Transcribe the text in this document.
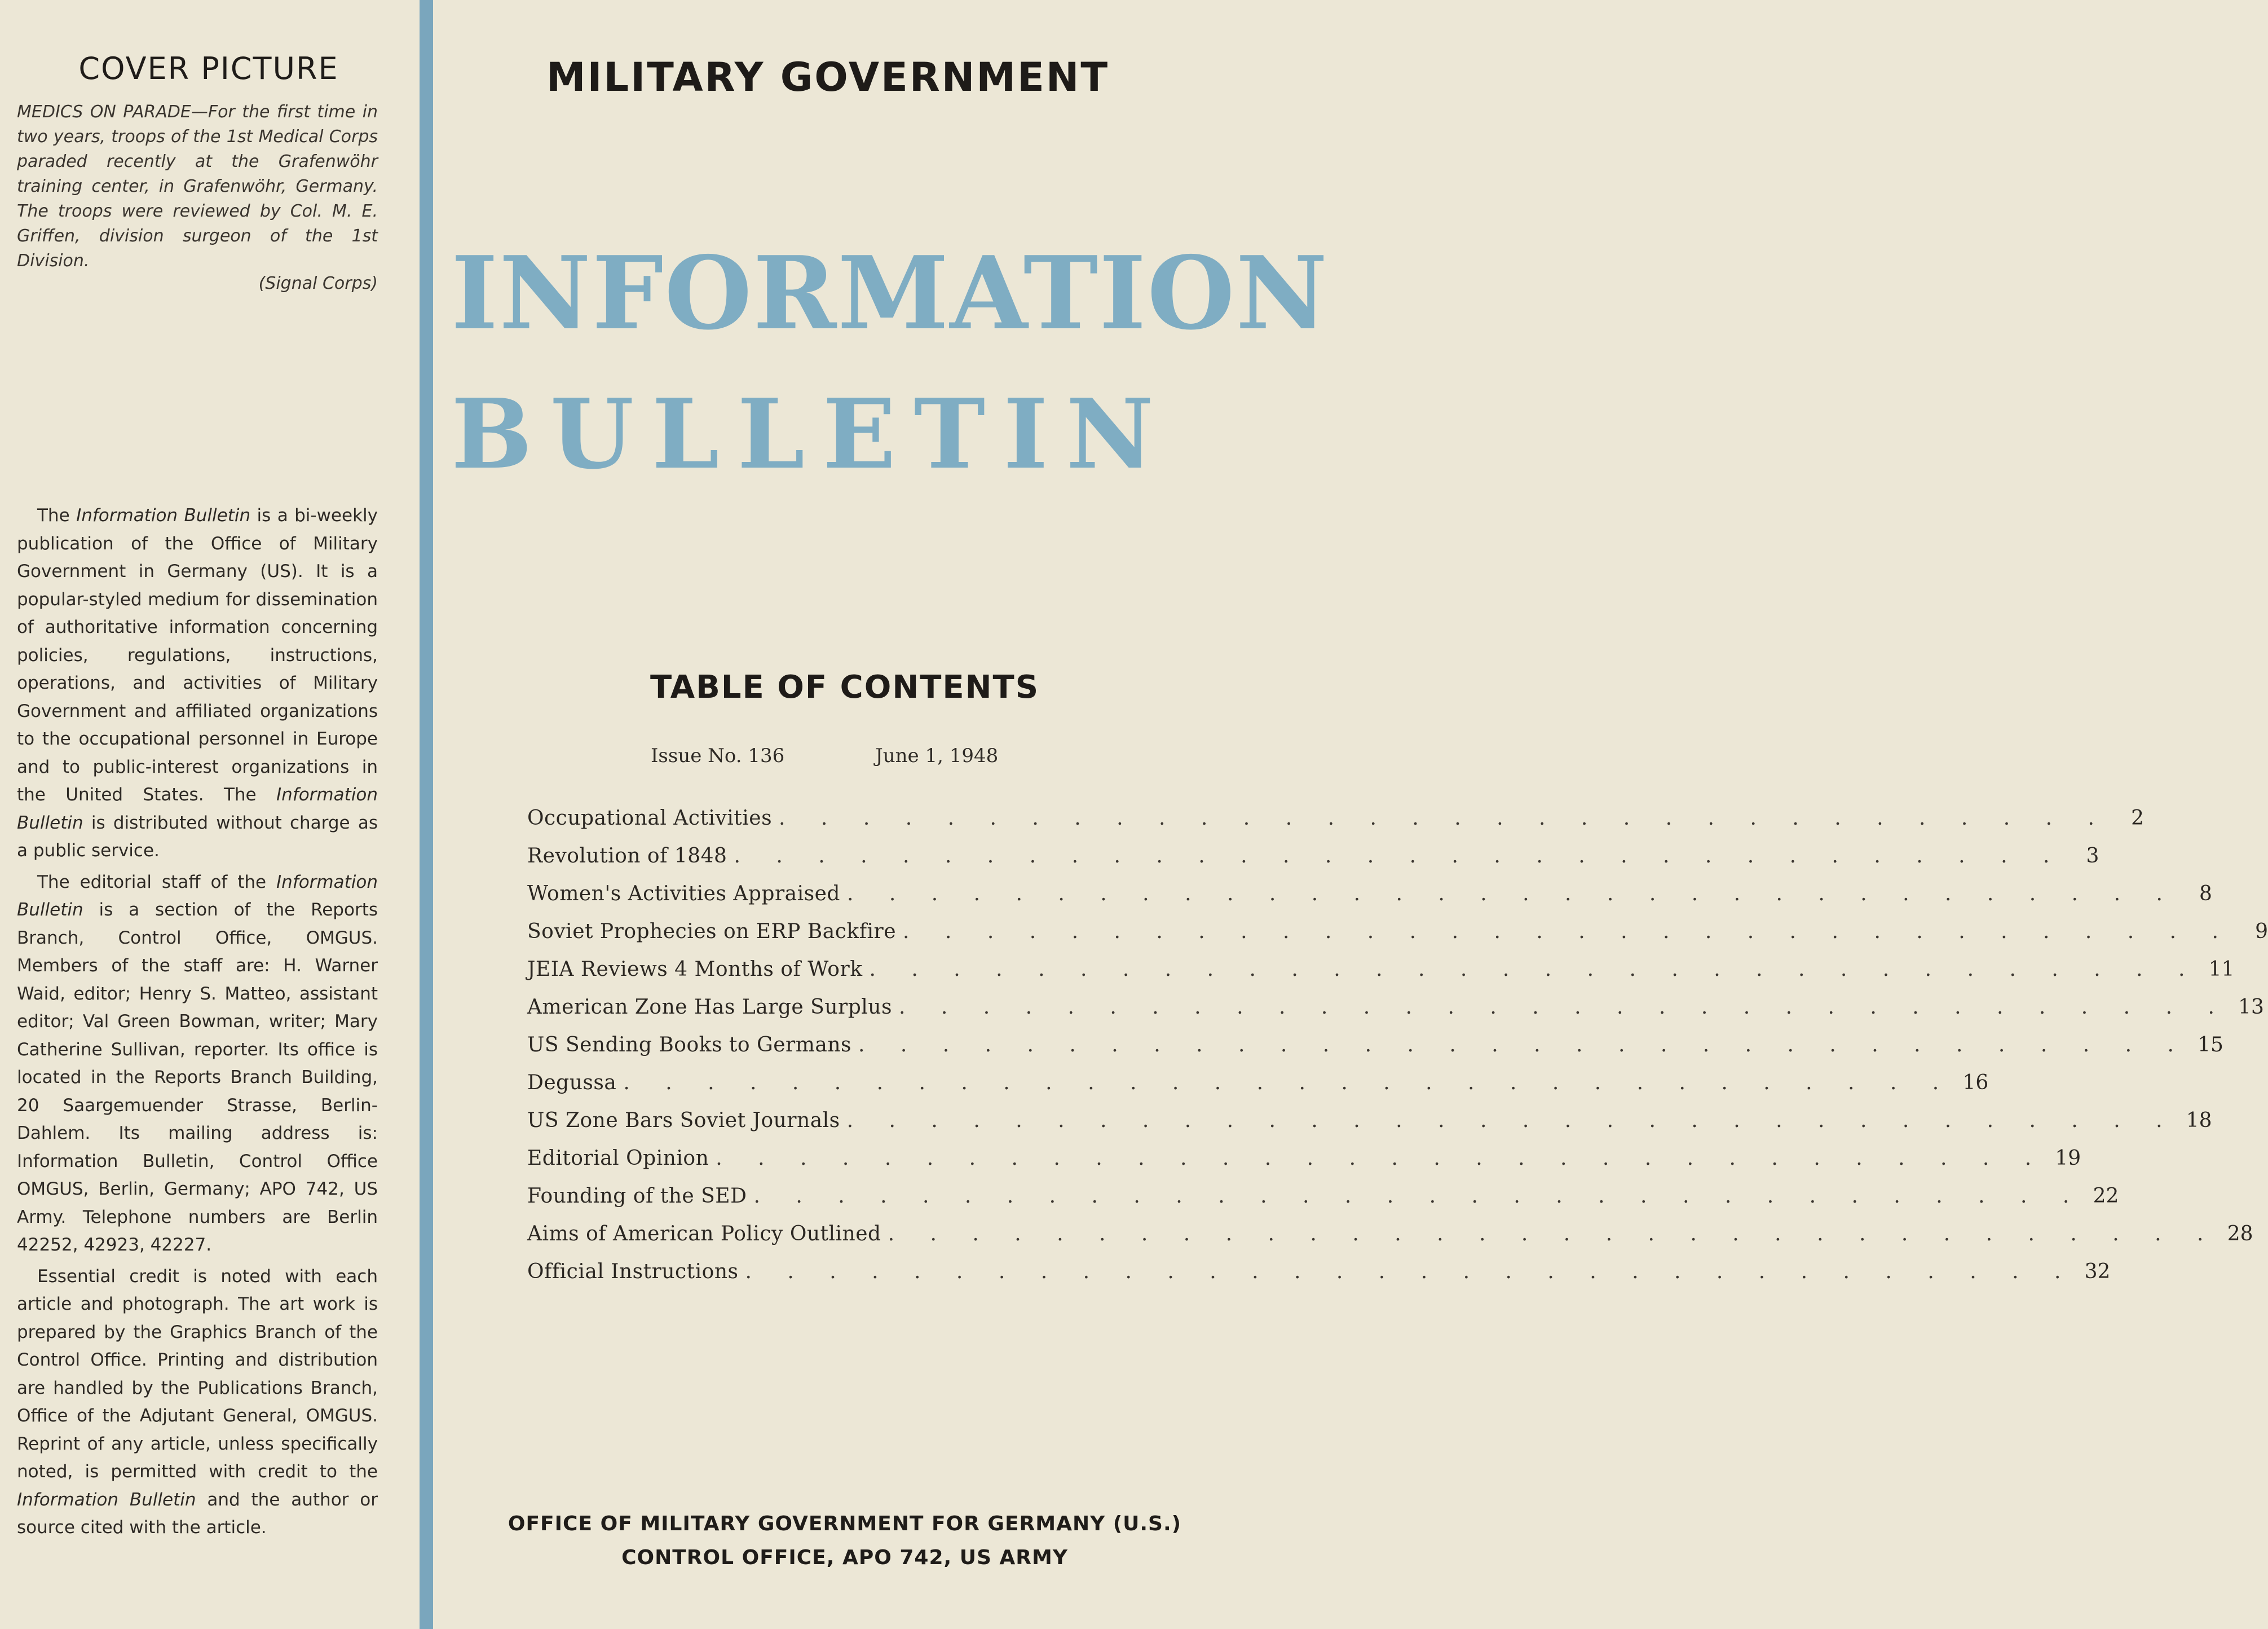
COVER PICTURE

MEDICS ON PARADE—For the first time in two years, troops of the 1st Medical Corps paraded recently at the Grafenwöhr training center, in Grafenwöhr, Germany. The troops were reviewed by Col. M. E. Griffen, division surgeon of the 1st Division.

(Signal Corps)

The Information Bulletin is a bi-weekly publication of the Office of Military Government in Germany (US). It is a popular-styled medium for dissemination of authoritative information concerning policies, regulations, instructions, operations, and activities of Military Government and affiliated organizations to the occupational personnel in Europe and to public-interest organizations in the United States. The Information Bulletin is distributed without charge as a public service.

The editorial staff of the Information Bulletin is a section of the Reports Branch, Control Office, OMGUS. Members of the staff are: H. Warner Waid, editor; Henry S. Matteo, assistant editor; Val Green Bowman, writer; Mary Catherine Sullivan, reporter. Its office is located in the Reports Branch Building, 20 Saargemuender Strasse, Berlin-Dahlem. Its mailing address is: Information Bulletin, Control Office OMGUS, Berlin, Germany; APO 742, US Army. Telephone numbers are Berlin 42252, 42923, 42227.

Essential credit is noted with each article and photograph. The art work is prepared by the Graphics Branch of the Control Office. Printing and distribution are handled by the Publications Branch, Office of the Adjutant General, OMGUS. Reprint of any article, unless specifically noted, is permitted with credit to the Information Bulletin and the author or source cited with the article.

MILITARY GOVERNMENT
INFORMATION
BULLETIN
TABLE OF CONTENTS
Issue No. 136	June 1, 1948
Occupational Activities . . . . . . . . . . . . . . . . . . . . . . . . . . . . . . . .	2
Revolution of 1848 . . . . . . . . . . . . . . . . . . . . . . . . . . . . . . . .	3
Women's Activities Appraised . . . . . . . . . . . . . . . . . . . . . . . . . . . . . . . .	8
Soviet Prophecies on ERP Backfire . . . . . . . . . . . . . . . . . . . . . . . . . . . . . . . .	9
JEIA Reviews 4 Months of Work . . . . . . . . . . . . . . . . . . . . . . . . . . . . . . . . 11
American Zone Has Large Surplus . . . . . . . . . . . . . . . . . . . . . . . . . . . . . . . . 13
US Sending Books to Germans . . . . . . . . . . . . . . . . . . . . . . . . . . . . . . . . 15
Degussa . . . . . . . . . . . . . . . . . . . . . . . . . . . . . . . . 16
US Zone Bars Soviet Journals . . . . . . . . . . . . . . . . . . . . . . . . . . . . . . . . 18
Editorial Opinion . . . . . . . . . . . . . . . . . . . . . . . . . . . . . . . . 19
Founding of the SED . . . . . . . . . . . . . . . . . . . . . . . . . . . . . . . . 22
Aims of American Policy Outlined . . . . . . . . . . . . . . . . . . . . . . . . . . . . . . . . 28
Official Instructions . . . . . . . . . . . . . . . . . . . . . . . . . . . . . . . . 32
OFFICE OF MILITARY GOVERNMENT FOR GERMANY (U.S.)
CONTROL OFFICE, APO 742, US ARMY
